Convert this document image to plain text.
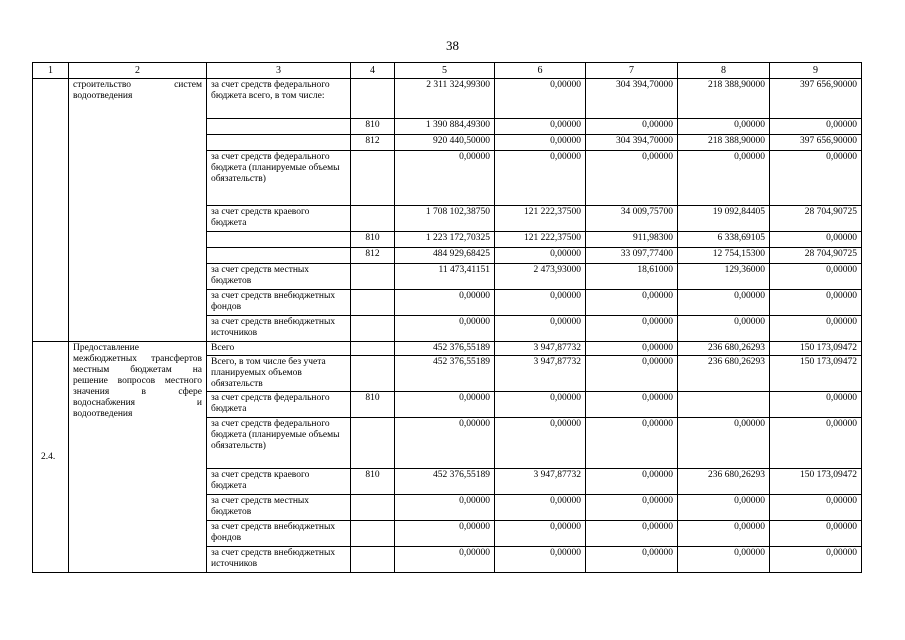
38
1	2	3	4	5	6	7	8	9
	строительство систем водоотведения	за счет средств федерального бюджета всего, в том числе:		2 311 324,99300	0,00000	304 394,70000	218 388,90000	397 656,90000
			810	1 390 884,49300	0,00000	0,00000	0,00000	0,00000
			812	920 440,50000	0,00000	304 394,70000	218 388,90000	397 656,90000
		за счет средств федерального бюджета (планируемые объемы обязательств)		0,00000	0,00000	0,00000	0,00000	0,00000
		за счет средств краевого бюджета		1 708 102,38750	121 222,37500	34 009,75700	19 092,84405	28 704,90725
			810	1 223 172,70325	121 222,37500	911,98300	6 338,69105	0,00000
			812	484 929,68425	0,00000	33 097,77400	12 754,15300	28 704,90725
		за счет средств местных бюджетов		11 473,41151	2 473,93000	18,61000	129,36000	0,00000
		за счет средств внебюджетных фондов		0,00000	0,00000	0,00000	0,00000	0,00000
		за счет средств внебюджетных источников		0,00000	0,00000	0,00000	0,00000	0,00000
2.4.	Предоставление межбюджетных трансфертов местным бюджетам на решение вопросов местного значения в сфере водоснабжения и водоотведения	Всего		452 376,55189	3 947,87732	0,00000	236 680,26293	150 173,09472
		Всего, в том числе без учета планируемых объемов обязательств		452 376,55189	3 947,87732	0,00000	236 680,26293	150 173,09472
		за счет средств федерального бюджета	810	0,00000	0,00000	0,00000		0,00000
		за счет средств федерального бюджета (планируемые объемы обязательств)		0,00000	0,00000	0,00000	0,00000	0,00000
		за счет средств краевого бюджета	810	452 376,55189	3 947,87732	0,00000	236 680,26293	150 173,09472
		за счет средств местных бюджетов		0,00000	0,00000	0,00000	0,00000	0,00000
		за счет средств внебюджетных фондов		0,00000	0,00000	0,00000	0,00000	0,00000
		за счет средств внебюджетных источников		0,00000	0,00000	0,00000	0,00000	0,00000
